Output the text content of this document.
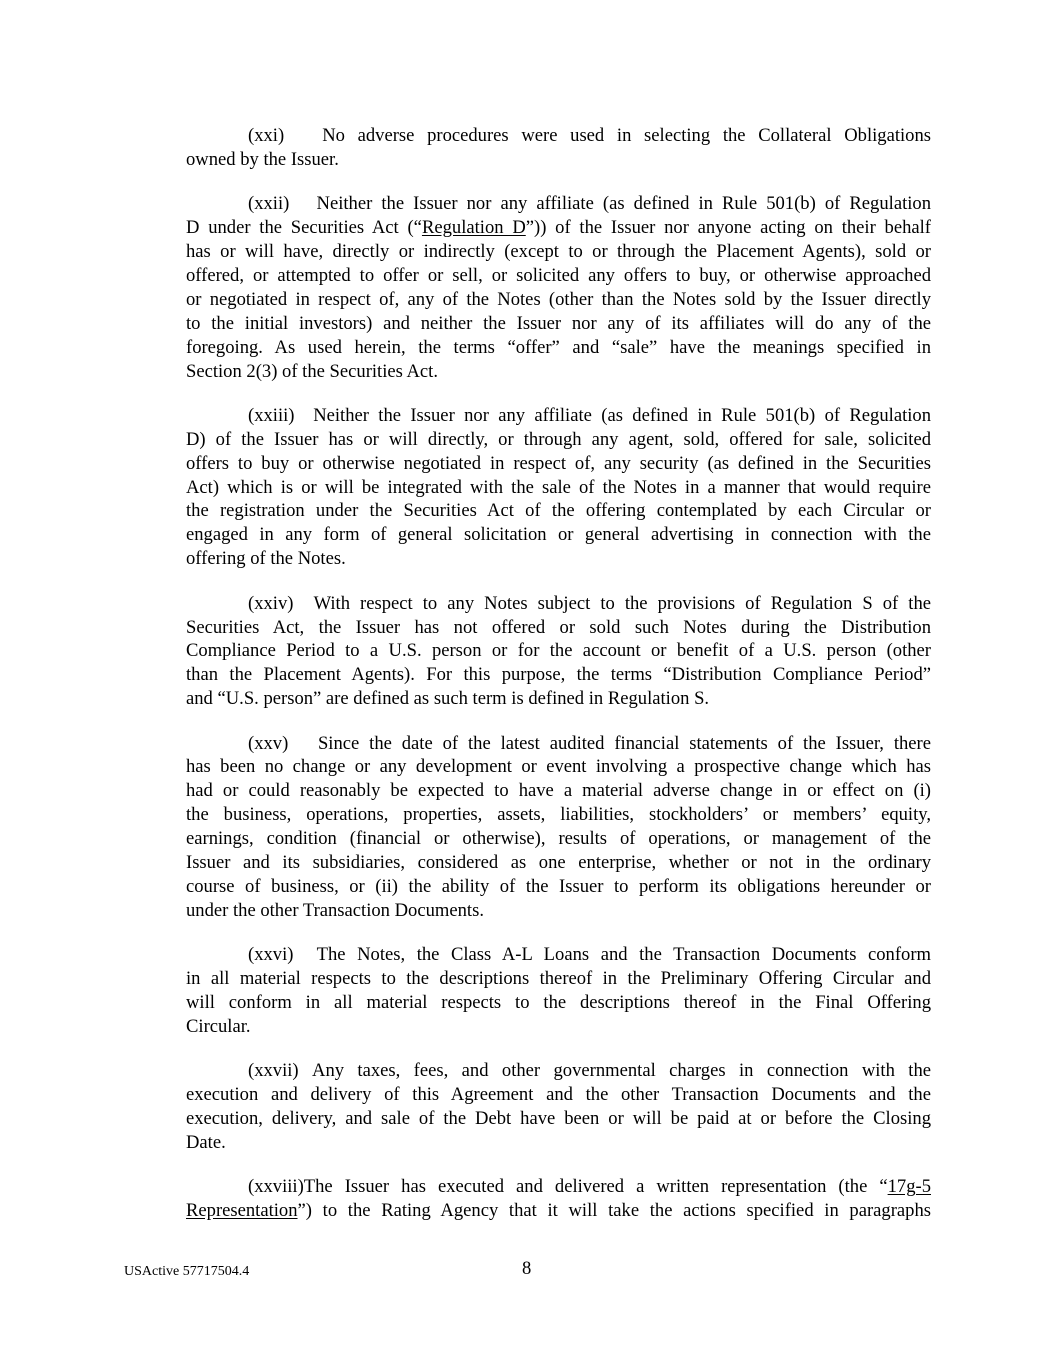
(xxi) No adverse procedures were used in selecting the Collateral Obligations
owned by the Issuer.
(xxii) Neither the Issuer nor any affiliate (as defined in Rule 501(b) of Regulation
D under the Securities Act (“Regulation D”)) of the Issuer nor anyone acting on their behalf
has or will have, directly or indirectly (except to or through the Placement Agents), sold or
offered, or attempted to offer or sell, or solicited any offers to buy, or otherwise approached
or negotiated in respect of, any of the Notes (other than the Notes sold by the Issuer directly
to the initial investors) and neither the Issuer nor any of its affiliates will do any of the
foregoing. As used herein, the terms “offer” and “sale” have the meanings specified in
Section 2(3) of the Securities Act.
(xxiii) Neither the Issuer nor any affiliate (as defined in Rule 501(b) of Regulation
D) of the Issuer has or will directly, or through any agent, sold, offered for sale, solicited
offers to buy or otherwise negotiated in respect of, any security (as defined in the Securities
Act) which is or will be integrated with the sale of the Notes in a manner that would require
the registration under the Securities Act of the offering contemplated by each Circular or
engaged in any form of general solicitation or general advertising in connection with the
offering of the Notes.
(xxiv) With respect to any Notes subject to the provisions of Regulation S of the
Securities Act, the Issuer has not offered or sold such Notes during the Distribution
Compliance Period to a U.S. person or for the account or benefit of a U.S. person (other
than the Placement Agents). For this purpose, the terms “Distribution Compliance Period”
and “U.S. person” are defined as such term is defined in Regulation S.
(xxv) Since the date of the latest audited financial statements of the Issuer, there
has been no change or any development or event involving a prospective change which has
had or could reasonably be expected to have a material adverse change in or effect on (i)
the business, operations, properties, assets, liabilities, stockholders’ or members’ equity,
earnings, condition (financial or otherwise), results of operations, or management of the
Issuer and its subsidiaries, considered as one enterprise, whether or not in the ordinary
course of business, or (ii) the ability of the Issuer to perform its obligations hereunder or
under the other Transaction Documents.
(xxvi) The Notes, the Class A-L Loans and the Transaction Documents conform
in all material respects to the descriptions thereof in the Preliminary Offering Circular and
will conform in all material respects to the descriptions thereof in the Final Offering
Circular.
(xxvii) Any taxes, fees, and other governmental charges in connection with the
execution and delivery of this Agreement and the other Transaction Documents and the
execution, delivery, and sale of the Debt have been or will be paid at or before the Closing
Date.
(xxviii)The Issuer has executed and delivered a written representation (the “17g-5
Representation”) to the Rating Agency that it will take the actions specified in paragraphs
USActive 57717504.4	8
